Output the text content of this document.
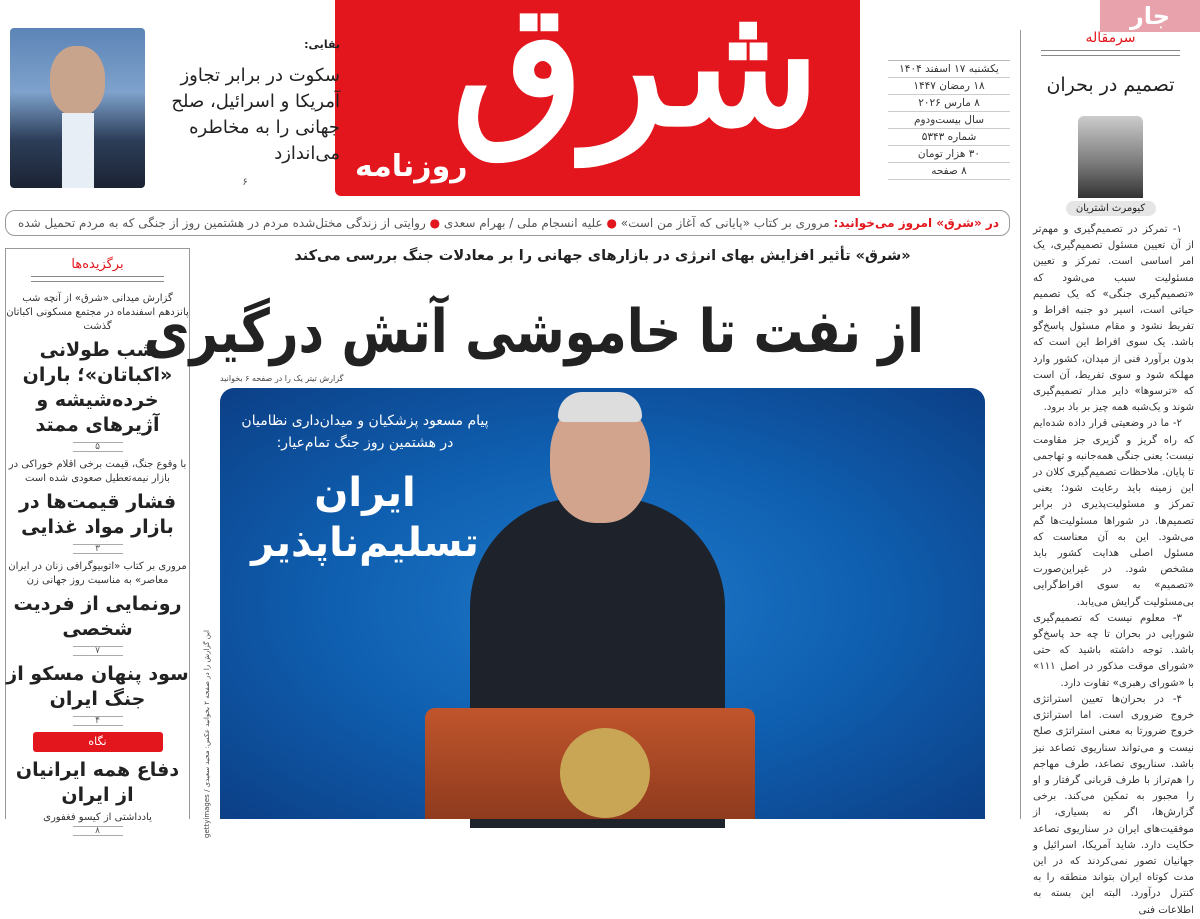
جار
شرق
روزنامه
یکشنبه ۱۷ اسفند ۱۴۰۴
۱۸ رمضان ۱۴۴۷
۸ مارس ۲۰۲۶
سال بیست‌ودوم
شماره ۵۳۴۳
۳۰ هزار تومان
۸ صفحه
بقایی:
سکوت در برابر تجاوز آمریکا و اسرائیل، صلح جهانی را به مخاطره می‌اندازد
۶
سرمقاله
تصمیم در بحران
کیومرث اشتریان

۱- تمرکز در تصمیم‌گیری و مهم‌تر از آن تعیین مسئول تصمیم‌گیری، یک امر اساسی است. تمرکز و تعیین مسئولیت سبب می‌شود که «تصمیم‌گیری جنگی» که یک تصمیم حیاتی است، اسیر دو جنبه افراط و تفریط نشود و مقام مسئول پاسخ‌گو باشد. یک سوی افراط این است که بدون برآورد فنی از میدان، کشور وارد مهلکه شود و سوی تفریط، آن است که «ترسوها» دایر مدار تصمیم‌گیری شوند و یک‌شبه همه چیز بر باد برود.

۲- ما در وضعیتی قرار داده شده‌ایم که راه گریز و گزیری جز مقاومت نیست؛ یعنی جنگی همه‌جانبه و تهاجمی تا پایان. ملاحظات تصمیم‌گیری کلان در این زمینه باید رعایت شود؛ یعنی تمرکز و مسئولیت‌پذیری در برابر تصمیم‌ها. در شوراها مسئولیت‌ها گم می‌شود. این به آن معناست که مسئول اصلی هدایت کشور باید مشخص شود. در غیراین‌صورت «تصمیم» به سوی افراط‌گرایی بی‌مسئولیت گرایش می‌یابد.

۳- معلوم نیست که تصمیم‌گیری شورایی در بحران تا چه حد پاسخ‌گو باشد. توجه داشته باشید که حتی «شورای موقت مذکور در اصل ۱۱۱» با «شورای رهبری» تفاوت دارد.

۴- در بحران‌ها تعیین استراتژی خروج ضروری است. اما استراتژی خروج ضرورتا به معنی استراتژی صلح نیست و می‌تواند سناریوی تصاعد نیز باشد. سناریوی تصاعد، طرف مهاجم را هم‌تراز با طرف قربانی گرفتار و او را مجبور به تمکین می‌کند. برخی گزارش‌ها، اگر نه بسیاری، از موفقیت‌های ایران در سناریوی تصاعد حکایت دارد. شاید آمریکا، اسرائیل و جهانیان تصور نمی‌کردند که در این مدت کوتاه ایران بتواند منطقه را به کنترل درآورد. البته این بسته به اطلاعات فنی

در «شرق» امروز می‌خوانید: مروری بر کتاب «پایانی که آغاز من است» ● علیه انسجام ملی / بهرام سعدی ● روایتی از زندگی مختل‌شده مردم در هشتمین روز از جنگی که به مردم تحمیل شده
برگزیده‌ها
گزارش میدانی «شرق» از آنچه شب پانزدهم اسفندماه در مجتمع مسکونی اکباتان گذشت
شب طولانی «اکباتان»؛ باران خرده‌شیشه و آژیرهای ممتد
۵
با وقوع جنگ، قیمت برخی اقلام خوراکی در بازار نیمه‌تعطیل صعودی شده است
فشار قیمت‌ها در بازار مواد غذایی
۳
مروری بر کتاب «اتوبیوگرافی زنان در ایران معاصر» به مناسبت روز جهانی زن
رونمایی از فردیت شخصی
۷
سود پنهان مسکو از جنگ ایران
۴
نگاه
دفاع همه ایرانیان از ایران
یادداشتی از کیسو فغفوری
۸
«شرق» تأثیر افزایش بهای انرژی در بازارهای جهانی را بر معادلات جنگ بررسی می‌کند
از نفت تا خاموشی آتش درگیری
گزارش تیتر یک را در صفحه ۶ بخوانید
پیام مسعود پزشکیان و میدان‌داری نظامیان در هشتمین روز جنگ تمام‌عیار:
ایران تسلیم‌ناپذیر
این گزارش را در صفحه ۲ بخوانید عکس: مجید سعیدی / gettyimages
